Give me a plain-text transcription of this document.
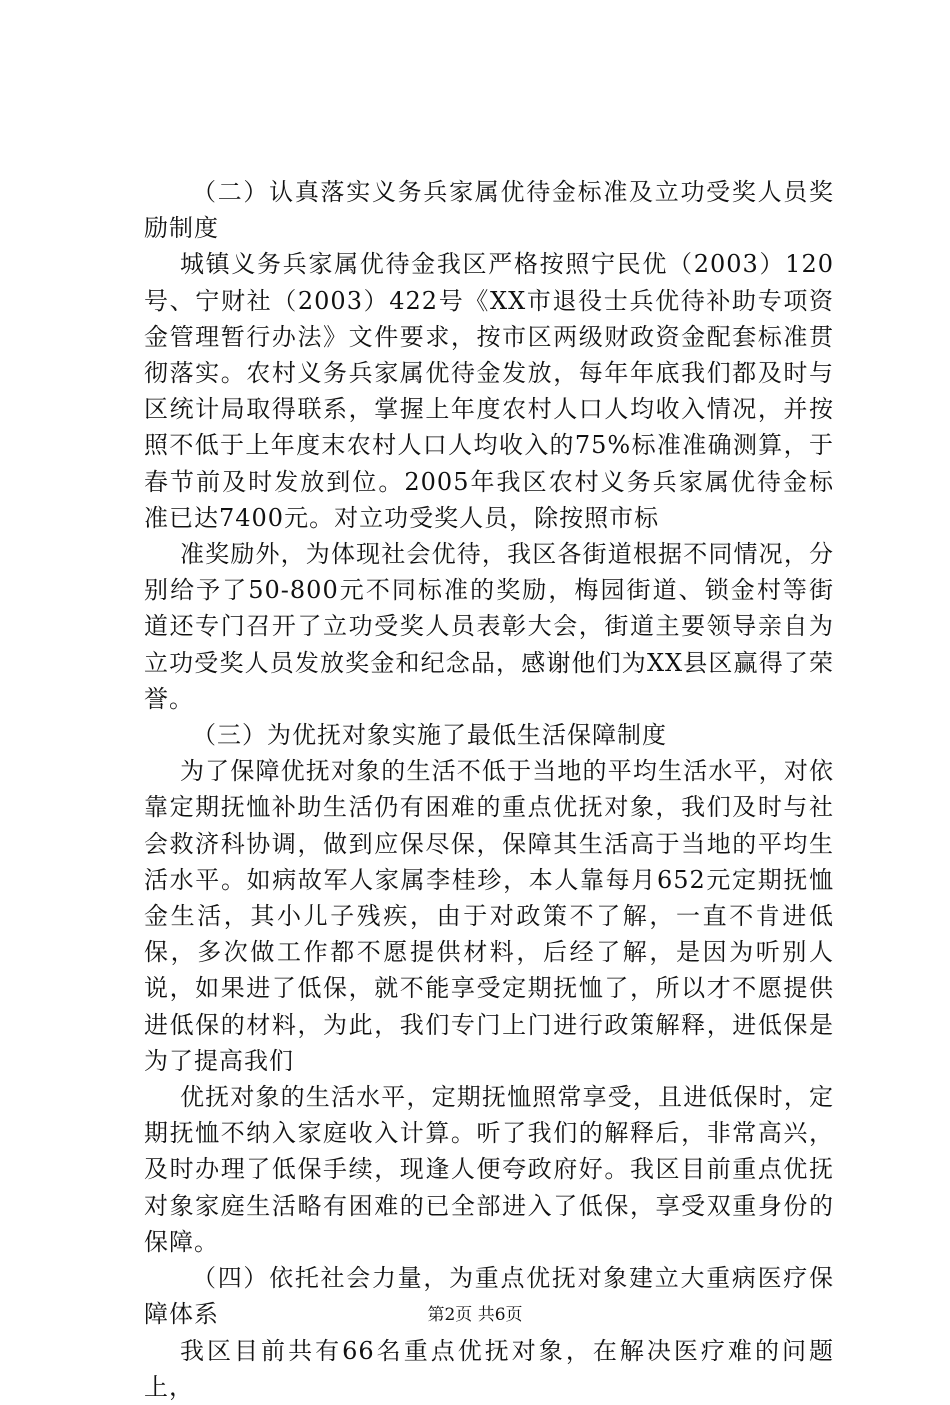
（二）认真落实义务兵家属优待金标准及立功受奖人员奖励制度

城镇义务兵家属优待金我区严格按照宁民优（2003）120号、宁财社（2003）422号《XX市退役士兵优待补助专项资金管理暂行办法》文件要求，按市区两级财政资金配套标准贯彻落实。农村义务兵家属优待金发放，每年年底我们都及时与区统计局取得联系，掌握上年度农村人口人均收入情况，并按照不低于上年度末农村人口人均收入的75%标准准确测算，于春节前及时发放到位。2005年我区农村义务兵家属优待金标准已达7400元。对立功受奖人员，除按照市标

准奖励外，为体现社会优待，我区各街道根据不同情况，分别给予了50-800元不同标准的奖励，梅园街道、锁金村等街道还专门召开了立功受奖人员表彰大会，街道主要领导亲自为立功受奖人员发放奖金和纪念品，感谢他们为XX县区赢得了荣誉。

（三）为优抚对象实施了最低生活保障制度

为了保障优抚对象的生活不低于当地的平均生活水平，对依靠定期抚恤补助生活仍有困难的重点优抚对象，我们及时与社会救济科协调，做到应保尽保，保障其生活高于当地的平均生活水平。如病故军人家属李桂珍，本人靠每月652元定期抚恤金生活，其小儿子残疾，由于对政策不了解，一直不肯进低保，多次做工作都不愿提供材料，后经了解，是因为听别人说，如果进了低保，就不能享受定期抚恤了，所以才不愿提供进低保的材料，为此，我们专门上门进行政策解释，进低保是为了提高我们

优抚对象的生活水平，定期抚恤照常享受，且进低保时，定期抚恤不纳入家庭收入计算。听了我们的解释后，非常高兴，及时办理了低保手续，现逢人便夸政府好。我区目前重点优抚对象家庭生活略有困难的已全部进入了低保，享受双重身份的保障。

（四）依托社会力量，为重点优抚对象建立大重病医疗保障体系

我区目前共有66名重点优抚对象，在解决医疗难的问题上，

第2页 共6页
